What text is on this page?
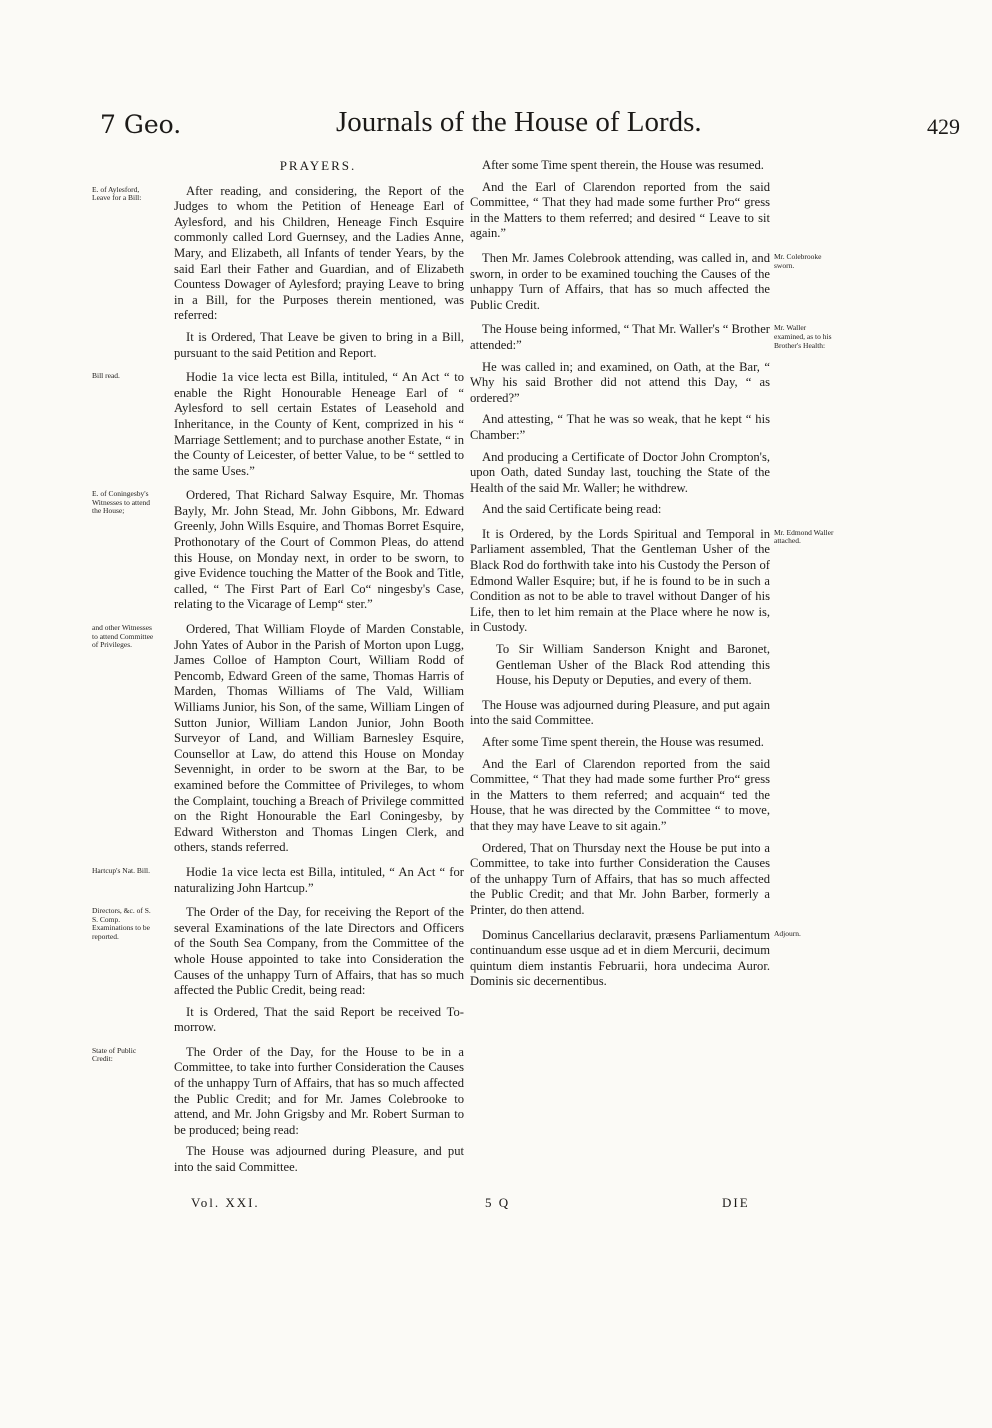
7 Geo.	Journals of the House of Lords.	429

PRAYERS.

E. of Aylesford, Leave for a Bill:

After reading, and considering, the Report of the Judges to whom the Petition of Heneage Earl of Aylesford, and his Children, Heneage Finch Esquire commonly called Lord Guernsey, and the Ladies Anne, Mary, and Elizabeth, all Infants of tender Years, by the said Earl their Father and Guardian, and of Elizabeth Countess Dowager of Aylesford; praying Leave to bring in a Bill, for the Purposes therein mentioned, was referred:

It is Ordered, That Leave be given to bring in a Bill, pursuant to the said Petition and Report.

Bill read.	Hodie 1a vice lecta est Billa, intituled, “ An Act “ to enable the Right Honourable Heneage Earl of “ Aylesford to sell certain Estates of Leasehold and Inheritance, in the County of Kent, comprized in his “ Marriage Settlement; and to purchase another Estate, “ in the County of Leicester, of better Value, to be “ settled to the same Uses.”

E. of Coningesby's Witnesses to attend the House;

Ordered, That Richard Salway Esquire, Mr. Thomas Bayly, Mr. John Stead, Mr. John Gibbons, Mr. Edward Greenly, John Wills Esquire, and Thomas Borret Esquire, Prothonotary of the Court of Common Pleas, do attend this House, on Monday next, in order to be sworn, to give Evidence touching the Matter of the Book and Title, called, “ The First Part of Earl Co“ ningesby's Case, relating to the Vicarage of Lemp“ ster.”

and other Witnesses to attend Committee of Privileges.

Ordered, That William Floyde of Marden Constable, John Yates of Aubor in the Parish of Morton upon Lugg, James Colloe of Hampton Court, William Rodd of Pencomb, Edward Green of the same, Thomas Harris of Marden, Thomas Williams of The Vald, William Williams Junior, his Son, of the same, William Lingen of Sutton Junior, William Landon Junior, John Booth Surveyor of Land, and William Barnesley Esquire, Counsellor at Law, do attend this House on Monday Sevennight, in order to be sworn at the Bar, to be examined before the Committee of Privileges, to whom the Complaint, touching a Breach of Privilege committed on the Right Honourable the Earl Coningesby, by Edward Witherston and Thomas Lingen Clerk, and others, stands referred.

Hartcup's Nat. Bill.	Hodie 1a vice lecta est Billa, intituled, “ An Act “ for naturalizing John Hartcup.”

Directors, &c. of S. S. Comp. Examinations to be reported.

The Order of the Day, for receiving the Report of the several Examinations of the late Directors and Officers of the South Sea Company, from the Committee of the whole House appointed to take into Consideration the Causes of the unhappy Turn of Affairs, that has so much affected the Public Credit, being read:

It is Ordered, That the said Report be received To-morrow.

State of Public Credit:

The Order of the Day, for the House to be in a Committee, to take into further Consideration the Causes of the unhappy Turn of Affairs, that has so much affected the Public Credit; and for Mr. James Colebrooke to attend, and Mr. John Grigsby and Mr. Robert Surman to be produced; being read:

The House was adjourned during Pleasure, and put into the said Committee.

After some Time spent therein, the House was resumed.

And the Earl of Clarendon reported from the said Committee, “ That they had made some further Pro“ gress in the Matters to them referred; and desired “ Leave to sit again.”

Mr. Colebrooke sworn.

Then Mr. James Colebrook attending, was called in, and sworn, in order to be examined touching the Causes of the unhappy Turn of Affairs, that has so much affected the Public Credit.

Mr. Waller examined, as to his Brother's Health:

The House being informed, “ That Mr. Waller's “ Brother attended:”

He was called in; and examined, on Oath, at the Bar, “ Why his said Brother did not attend this Day, “ as ordered?”

And attesting, “ That he was so weak, that he kept “ his Chamber:”

And producing a Certificate of Doctor John Crompton's, upon Oath, dated Sunday last, touching the State of the Health of the said Mr. Waller; he withdrew.

And the said Certificate being read:

Mr. Edmond Waller attached.

It is Ordered, by the Lords Spiritual and Temporal in Parliament assembled, That the Gentleman Usher of the Black Rod do forthwith take into his Custody the Person of Edmond Waller Esquire; but, if he is found to be in such a Condition as not to be able to travel without Danger of his Life, then to let him remain at the Place where he now is, in Custody.

To Sir William Sanderson Knight and Baronet, Gentleman Usher of the Black Rod attending this House, his Deputy or Deputies, and every of them.

The House was adjourned during Pleasure, and put again into the said Committee.

After some Time spent therein, the House was resumed.

And the Earl of Clarendon reported from the said Committee, “ That they had made some further Pro“ gress in the Matters to them referred; and acquain“ ted the House, that he was directed by the Committee “ to move, that they may have Leave to sit again.”

Ordered, That on Thursday next the House be put into a Committee, to take into further Consideration the Causes of the unhappy Turn of Affairs, that has so much affected the Public Credit; and that Mr. John Barber, formerly a Printer, do then attend.

Adjourn.

Dominus Cancellarius declaravit, præsens Parliamentum continuandum esse usque ad et in diem Mercurii, decimum quintum diem instantis Februarii, hora undecima Auror. Dominis sic decernentibus.

Vol. XXI.	5 Q	DIE
